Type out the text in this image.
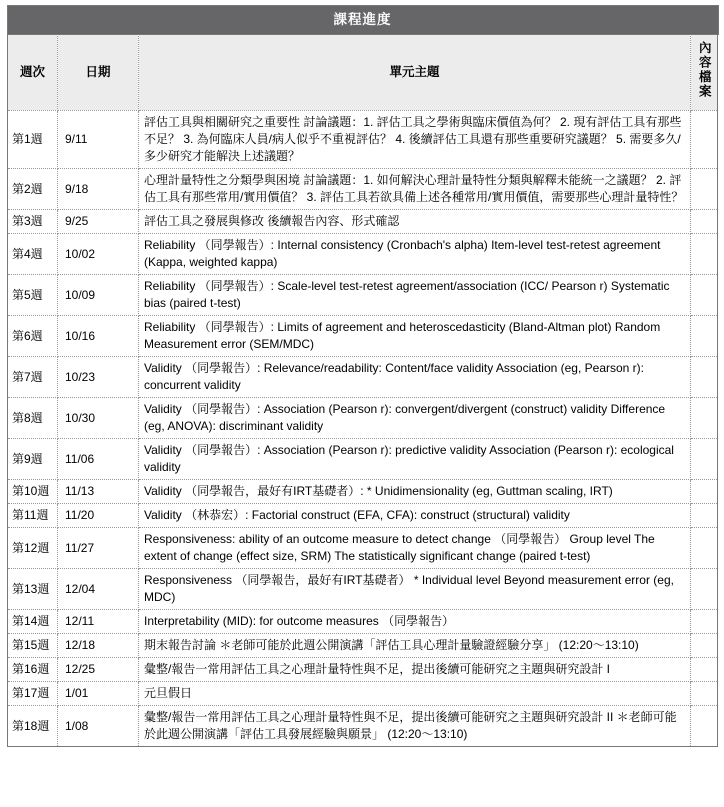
課程進度			
週次	日期	單元主題	內容檔案
第1週	9/11	評估工具與相關研究之重要性 討論議題：1. 評估工具之學術與臨床價值為何？ 2. 現有評估工具有那些不足？ 3. 為何臨床人員/病人似乎不重視評估？ 4. 後續評估工具還有那些重要研究議題？ 5. 需要多久/多少研究才能解決上述議題？	
第2週	9/18	心理計量特性之分類學與困境 討論議題：1. 如何解決心理計量特性分類與解釋未能統一之議題？ 2. 評估工具有那些常用/實用價值？ 3. 評估工具若欲具備上述各種常用/實用價值，需要那些心理計量特性？	
第3週	9/25	評估工具之發展與修改 後續報告內容、形式確認	
第4週	10/02	Reliability （同學報告）: Internal consistency (Cronbach's alpha) Item-level test-retest agreement (Kappa, weighted kappa)	
第5週	10/09	Reliability （同學報告）: Scale-level test-retest agreement/association (ICC/ Pearson r) Systematic bias (paired t-test)	
第6週	10/16	Reliability （同學報告）: Limits of agreement and heteroscedasticity (Bland-Altman plot) Random Measurement error (SEM/MDC)	
第7週	10/23	Validity （同學報告）: Relevance/readability: Content/face validity Association (eg, Pearson r): concurrent validity	
第8週	10/30	Validity （同學報告）: Association (Pearson r): convergent/divergent (construct) validity Difference (eg, ANOVA): discriminant validity	
第9週	11/06	Validity （同學報告）: Association (Pearson r): predictive validity Association (Pearson r): ecological validity	
第10週	11/13	Validity （同學報告，最好有IRT基礎者）: * Unidimensionality (eg, Guttman scaling, IRT)	
第11週	11/20	Validity （林恭宏）: Factorial construct (EFA, CFA): construct (structural) validity	
第12週	11/27	Responsiveness: ability of an outcome measure to detect change （同學報告） Group level The extent of change (effect size, SRM) The statistically significant change (paired t-test)	
第13週	12/04	Responsiveness （同學報告，最好有IRT基礎者） * Individual level Beyond measurement error (eg, MDC)	
第14週	12/11	Interpretability (MID): for outcome measures （同學報告）	
第15週	12/18	期末報告討論 ＊老師可能於此週公開演講「評估工具心理計量驗證經驗分享」 (12:20～13:10)	
第16週	12/25	彙整/報告一常用評估工具之心理計量特性與不足，提出後續可能研究之主題與研究設計 I	
第17週	1/01	元旦假日	
第18週	1/08	彙整/報告一常用評估工具之心理計量特性與不足，提出後續可能研究之主題與研究設計 II ＊老師可能於此週公開演講「評估工具發展經驗與願景」 (12:20～13:10)	
